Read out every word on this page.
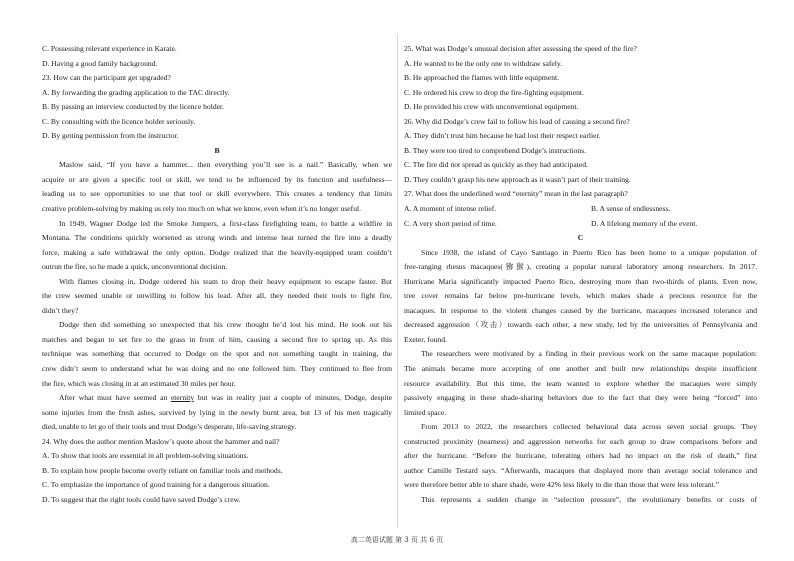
C. Possessing relevant experience in Karate.
D. Having a good family background.
23. How can the participant get upgraded?
A. By forwarding the grading application to the TAC directly.
B. By passing an interview conducted by the licence holder.
C. By consulting with the licence holder seriously.
D. By getting permission from the instructor.
B
Maslow said, “If you have a hammer... then everything you’ll see is a nail.” Basically, when we
acquire or are given a specific tool or skill, we tend to be influenced by its function and usefulness—
leading us to see opportunities to use that tool or skill everywhere. This creates a tendency that limits
creative problem-solving by making us rely too much on what we know, even when it’s no longer useful.
In 1949, Wagner Dodge led the Smoke Jumpers, a first-class firefighting team, to battle a wildfire in
Montana. The conditions quickly worsened as strong winds and intense heat turned the fire into a deadly
force, making a safe withdrawal the only option. Dodge realized that the heavily-equipped team couldn’t
outrun the fire, so he made a quick, unconventional decision.
With flames closing in, Dodge ordered his team to drop their heavy equipment to escape faster. But
the crew seemed unable or unwilling to follow his lead. After all, they needed their tools to fight fire,
didn’t they?
Dodge then did something so unexpected that his crew thought he’d lost his mind. He took out his
matches and began to set fire to the grass in front of him, causing a second fire to spring up. As this
technique was something that occurred to Dodge on the spot and not something taught in training, the
crew didn’t seem to understand what he was doing and no one followed him. They continued to flee from
the fire, which was closing in at an estimated 30 miles per hour.
After what must have seemed an eternity but was in reality just a couple of minutes, Dodge, despite
some injuries from the fresh ashes, survived by lying in the newly burnt area, but 13 of his men tragically
died, unable to let go of their tools and trust Dodge’s desperate, life-saving strategy.
24. Why does the author mention Maslow’s quote about the hammer and nail?
A. To show that tools are essential in all problem-solving situations.
B. To explain how people become overly reliant on familiar tools and methods.
C. To emphasize the importance of good training for a dangerous situation.
D. To suggest that the right tools could have saved Dodge’s crew.
25. What was Dodge’s unusual decision after assessing the speed of the fire?
A. He wanted to be the only one to withdraw safely.
B. He approached the flames with little equipment.
C. He ordered his crew to drop the fire-fighting equipment.
D. He provided his crew with unconventional equipment.
26. Why did Dodge’s crew fail to follow his lead of causing a second fire?
A. They didn’t trust him because he had lost their respect earlier.
B. They were too tired to comprehend Dodge’s instructions.
C. The fire did not spread as quickly as they had anticipated.
D. They couldn’t grasp his new approach as it wasn’t part of their training.
27. What does the underlined word “eternity” mean in the last paragraph?
A. A moment of intense relief.	B. A sense of endlessness.
C. A very short period of time.	D. A lifelong memory of the event.
C
Since 1938, the island of Cayo Santiago in Puerto Rico has been home to a unique population of
free-ranging rhesus macaques(猕猴), creating a popular natural laboratory among researchers. In 2017.
Hurricane Maria significantly impacted Puerto Rico, destroying more than two-thirds of plants. Even now,
tree cover remains far below pre-hurricane levels, which makes shade a precious resource for the
macaques. In response to the violent changes caused by the hurricane, macaques increased tolerance and
decreased aggression（攻击）towards each other, a new study, led by the universities of Pennsylvania and
Exeter, found.
The researchers were motivated by a finding in their previous work on the same macaque population:
The animals became more accepting of one another and built new relationships despite insufficient
resource availability. But this time, the team wanted to explore whether the macaques were simply
passively engaging in these shade-sharing behaviors due to the fact that they were being “forced” into
limited space.
From 2013 to 2022, the researchers collected behavioral data across seven social groups. They
constructed proximity (nearness) and aggression networks for each group to draw comparisons before and
after the hurricane. “Before the hurricane, tolerating others had no impact on the risk of death,” first
author Camille Testard says. “Afterwards, macaques that displayed more than average social tolerance and
were therefore better able to share shade, were 42% less likely to die than those that were less tolerant.”
This represents a sudden change in “selection pressure”, the evolutionary benefits or costs of
高二英语试题 第 3 页 共 6 页
